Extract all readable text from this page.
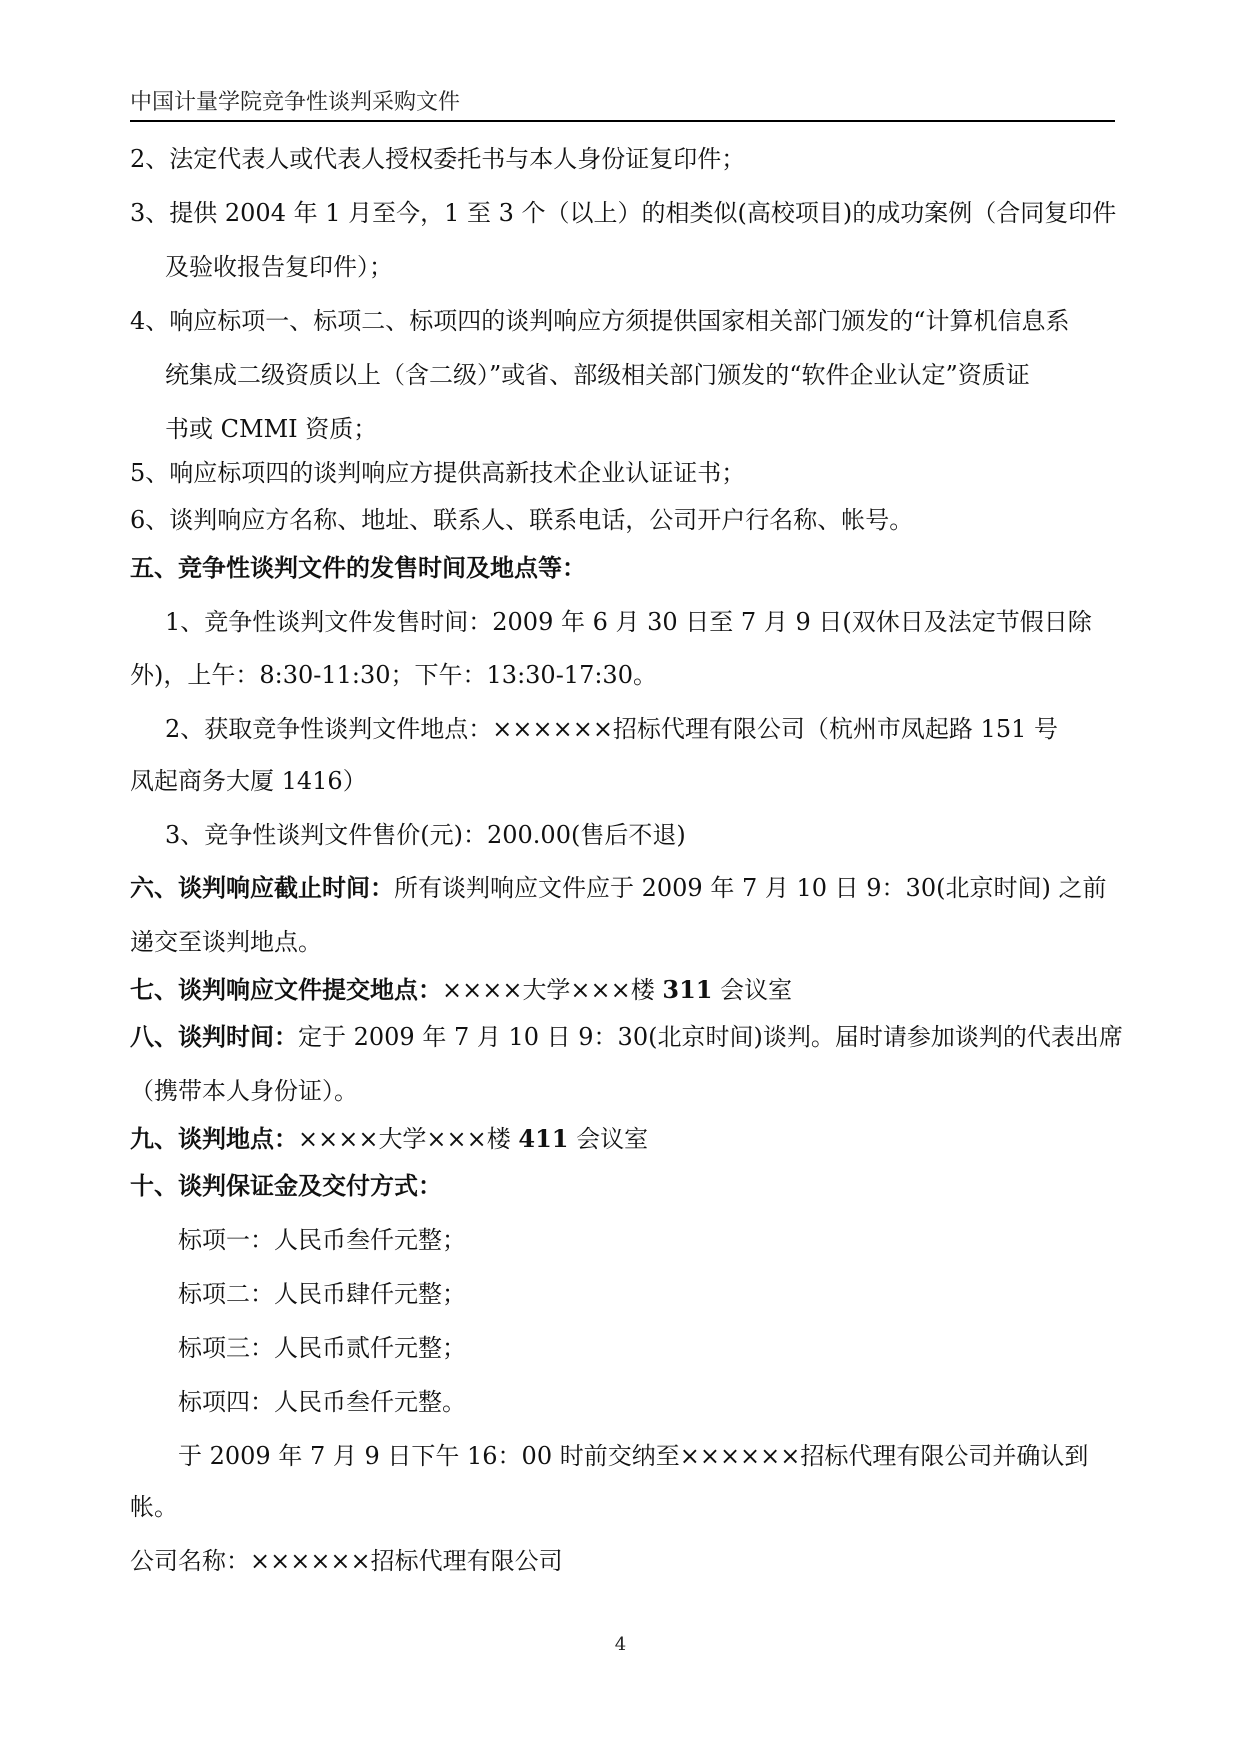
中国计量学院竞争性谈判采购文件
2、法定代表人或代表人授权委托书与本人身份证复印件；
3、提供 2004 年 1 月至今，1 至 3 个（以上）的相类似(高校项目)的成功案例（合同复印件
及验收报告复印件）；
4、响应标项一、标项二、标项四的谈判响应方须提供国家相关部门颁发的“计算机信息系
统集成二级资质以上（含二级）”或省、部级相关部门颁发的“软件企业认定”资质证
书或 CMMI 资质；
5、响应标项四的谈判响应方提供高新技术企业认证证书；
6、谈判响应方名称、地址、联系人、联系电话，公司开户行名称、帐号。
五、竞争性谈判文件的发售时间及地点等：
1、竞争性谈判文件发售时间：2009 年 6 月 30 日至 7 月 9 日(双休日及法定节假日除
外)，上午：8:30-11:30；下午：13:30-17:30。
2、获取竞争性谈判文件地点：××××××招标代理有限公司（杭州市凤起路 151 号
凤起商务大厦 1416）
3、竞争性谈判文件售价(元)：200.00(售后不退)
六、谈判响应截止时间：所有谈判响应文件应于 2009 年 7 月 10 日 9：30(北京时间) 之前
递交至谈判地点。
七、谈判响应文件提交地点：××××大学×××楼 311 会议室
八、谈判时间：定于 2009 年 7 月 10 日 9：30(北京时间)谈判。届时请参加谈判的代表出席
（携带本人身份证）。
九、谈判地点：××××大学×××楼 411 会议室
十、谈判保证金及交付方式：
标项一：人民币叁仟元整；
标项二：人民币肆仟元整；
标项三：人民币贰仟元整；
标项四：人民币叁仟元整。
于 2009 年 7 月 9 日下午 16：00 时前交纳至××××××招标代理有限公司并确认到
帐。
公司名称：××××××招标代理有限公司
4
